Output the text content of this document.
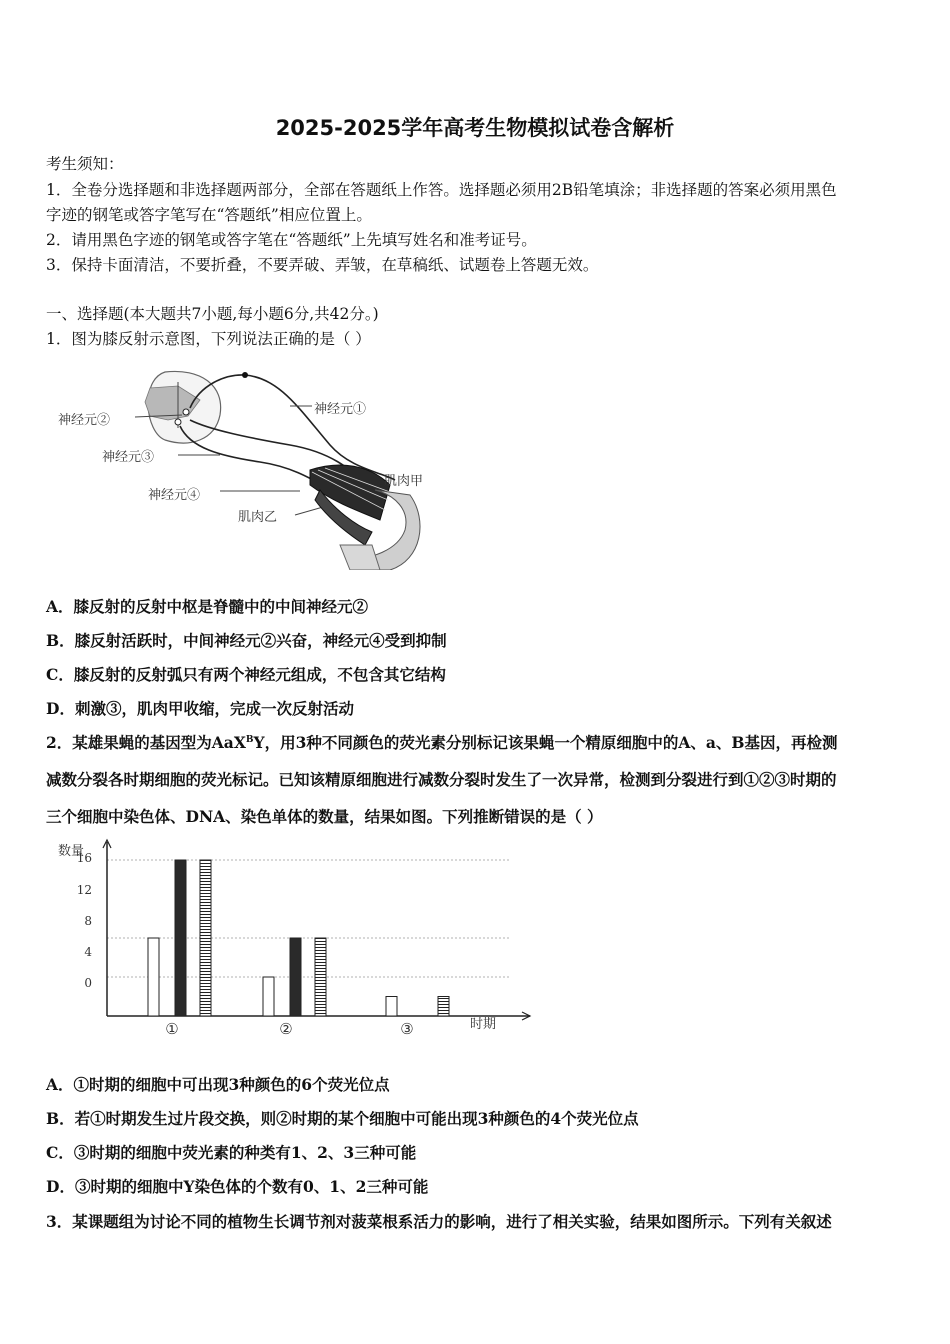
2025-2025学年高考生物模拟试卷含解析
考生须知：
1．全卷分选择题和非选择题两部分，全部在答题纸上作答。选择题必须用2B铅笔填涂；非选择题的答案必须用黑色
字迹的钢笔或答字笔写在“答题纸”相应位置上。
2．请用黑色字迹的钢笔或答字笔在“答题纸”上先填写姓名和准考证号。
3．保持卡面清洁，不要折叠，不要弄破、弄皱，在草稿纸、试题卷上答题无效。
一、选择题(本大题共7小题,每小题6分,共42分。)
1．图为膝反射示意图，下列说法正确的是（ ）
神经元②
神经元①
神经元③
神经元④
肌肉甲
肌肉乙
A．膝反射的反射中枢是脊髓中的中间神经元②
B．膝反射活跃时，中间神经元②兴奋，神经元④受到抑制
C．膝反射的反射弧只有两个神经元组成，不包含其它结构
D．刺激③，肌肉甲收缩，完成一次反射活动
2．某雄果蝇的基因型为AaX$^B$Y，用3种不同颜色的荧光素分别标记该果蝇一个精原细胞中的A、a、B基因，再检测
减数分裂各时期细胞的荧光标记。已知该精原细胞进行减数分裂时发生了一次异常，检测到分裂进行到①②③时期的
三个细胞中染色体、DNA、染色单体的数量，结果如图。下列推断错误的是（ ）
16
12
8
4
0
数量
时期
①	②	③
A．①时期的细胞中可出现3种颜色的6个荧光位点
B．若①时期发生过片段交换，则②时期的某个细胞中可能出现3种颜色的4个荧光位点
C．③时期的细胞中荧光素的种类有1、2、3三种可能
D．③时期的细胞中Y染色体的个数有0、1、2三种可能
3．某课题组为讨论不同的植物生长调节剂对菠菜根系活力的影响，进行了相关实验，结果如图所示。下列有关叙述
